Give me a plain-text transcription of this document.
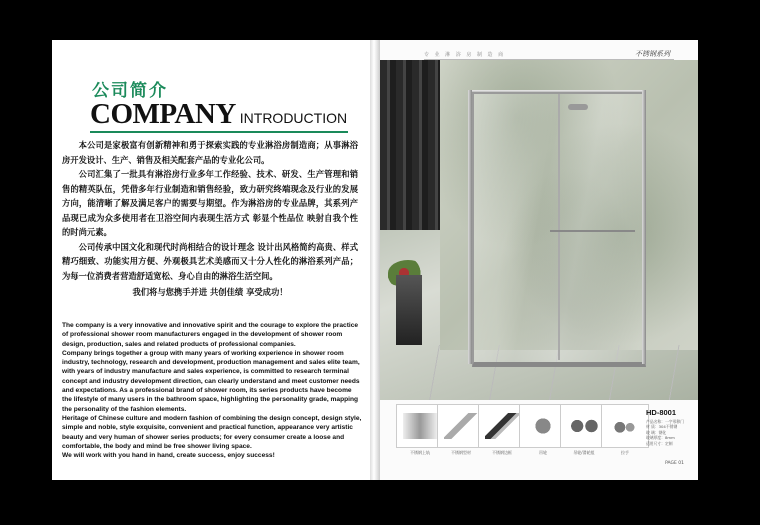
公司简介
COMPANY INTRODUCTION

本公司是家极富有创新精神和勇于探索实践的专业淋浴房制造商；从事淋浴房开发设计、生产、销售及相关配套产品的专业化公司。

公司汇集了一批具有淋浴房行业多年工作经验、技术、研发、生产管理和销售的精英队伍，凭借多年行业制造和销售经验，致力研究终端现念及行业的发展方向，能清晰了解及满足客户的需要与期望。作为淋浴房的专业品牌，其系列产品现已成为众多使用者在卫浴空间内表现生活方式 彰显个性品位 映射自我个性的时尚元素。

公司传承中国文化和现代时尚相结合的设计理念 设计出风格简约高贵、样式精巧细致、功能实用方便、外观极具艺术美感而又十分人性化的淋浴系列产品；为每一位消费者营造舒适宽松、身心自由的淋浴生活空间。

我们将与您携手并进 共创佳绩 享受成功！

The company is a very innovative and innovative spirit and the courage to explore the practice of professional shower room manufacturers engaged in the development of shower room design, production, sales and related products of professional companies.

Company brings together a group with many years of working experience in shower room industry, technology, research and development, production management and sales elite team, with years of industry manufacture and sales experience, is committed to research terminal concept and industry development direction, can clearly understand and meet customer needs and expectations. As a professional brand of shower room, its series products have become the lifestyle of many users in the bathroom space, highlighting the personality grade, mapping the personality of the fashion elements.

Heritage of Chinese culture and modern fashion of combining the design concept, design style, simple and noble, style exquisite, convenient and practical function, appearance very artistic beauty and very human of shower series products; for every consumer create a loose and comfortable, the body and mind be free shower living space.

We will work with you hand in hand, create success, enjoy success!

专 业 淋 浴 房 制 造 商	不锈钢系列
不锈钢上轨	不锈钢型材	不锈钢边框	吊轮	吊轮/滑轮组	拉手
HD-8001
产品名称：一字形移门
材 质：304不锈钢
玻 璃：钢化
玻璃厚度：8mm
适用尺寸：定制
PAGE 01
